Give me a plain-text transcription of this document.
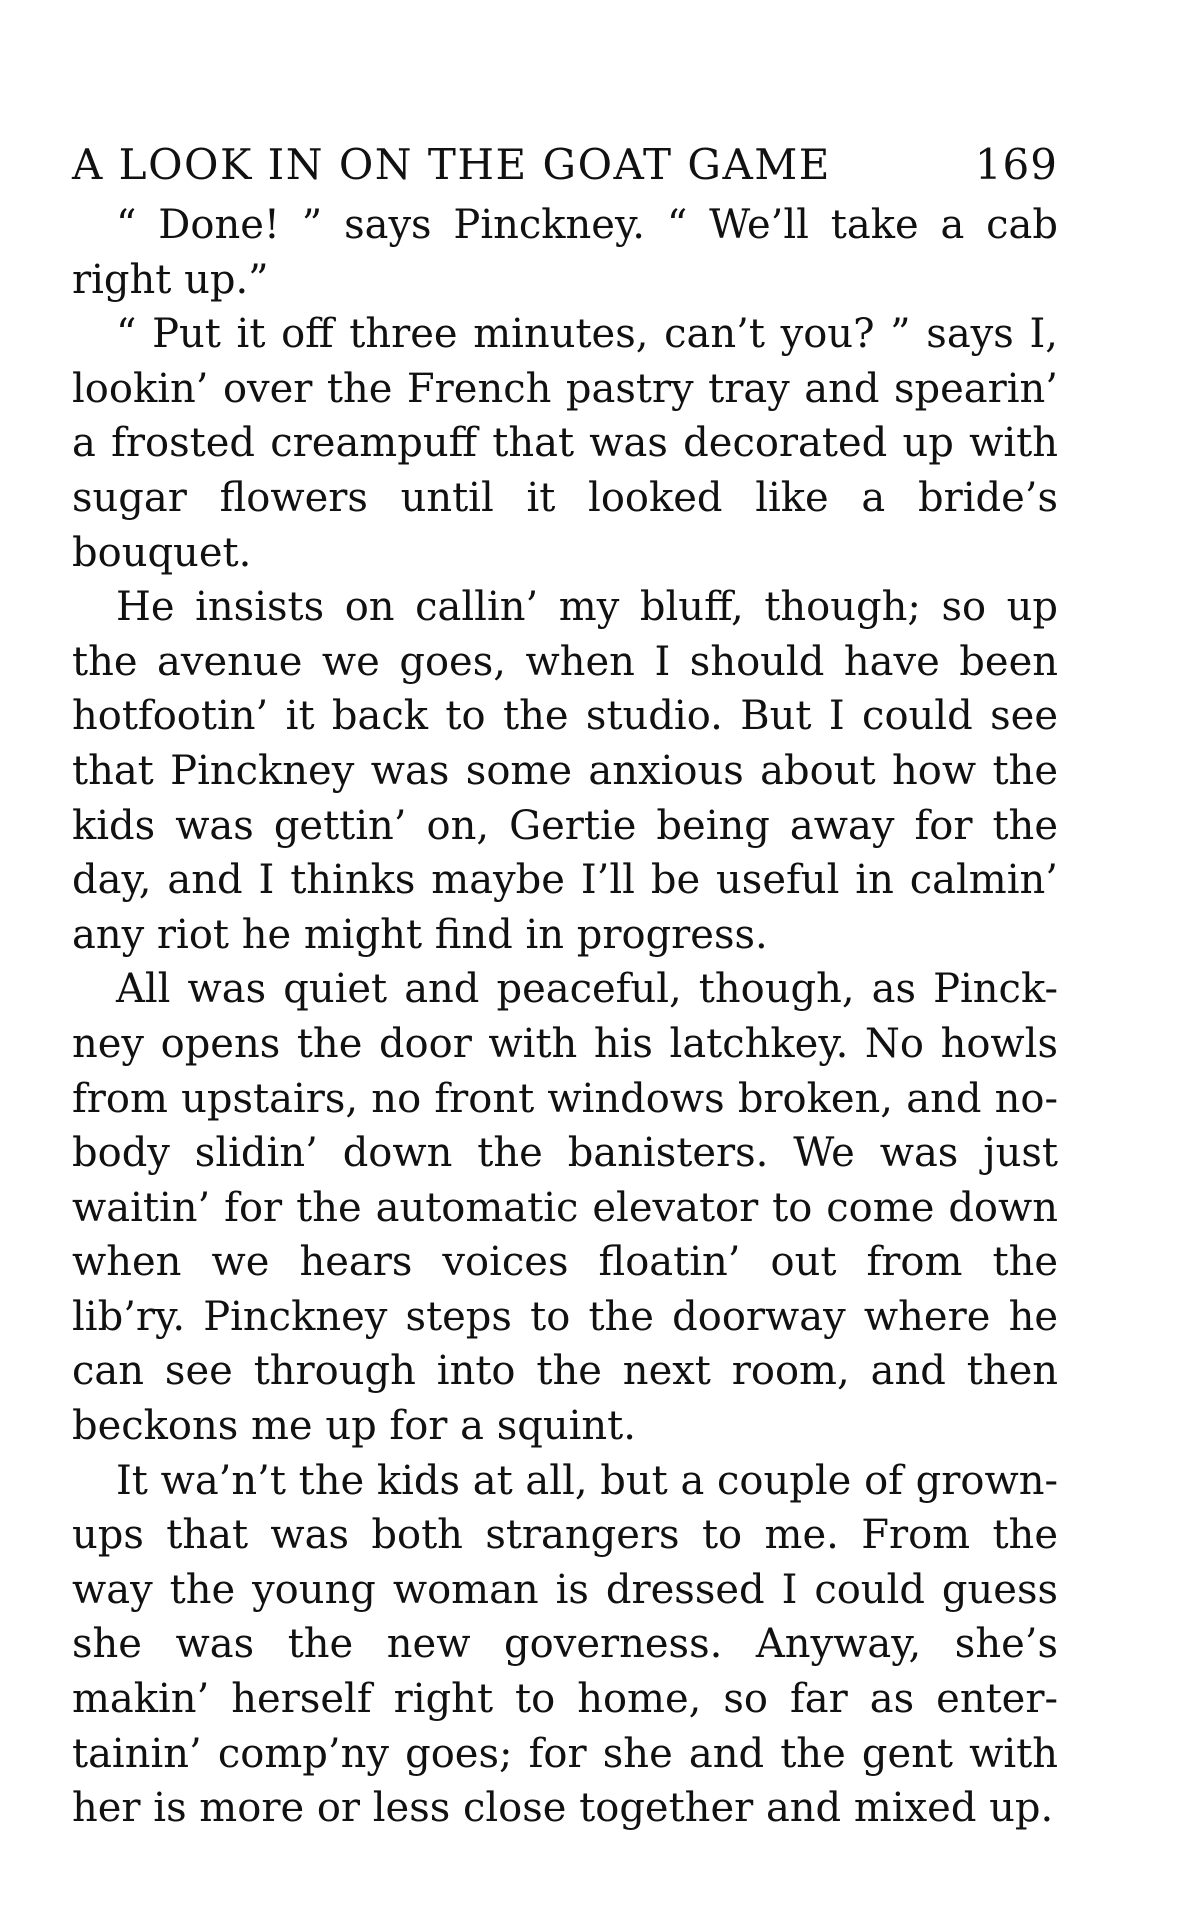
A LOOK IN ON THE GOAT GAME	169

“ Done! ” says Pinckney. “ We’ll take a cab right up.”

“ Put it off three minutes, can’t you? ” says I, lookin’ over the French pastry tray and spearin’ a frosted creampuff that was decorated up with sugar flowers until it looked like a bride’s bouquet.

He insists on callin’ my bluff, though; so up the avenue we goes, when I should have been hotfootin’ it back to the studio. But I could see that Pinckney was some anxious about how the kids was gettin’ on, Gertie being away for the day, and I thinks maybe I’ll be useful in calmin’ any riot he might find in progress.

All was quiet and peaceful, though, as Pinck-ney opens the door with his latchkey. No howls from upstairs, no front windows broken, and no-body slidin’ down the banisters. We was just waitin’ for the automatic elevator to come down when we hears voices floatin’ out from the lib’ry. Pinckney steps to the doorway where he can see through into the next room, and then beckons me up for a squint.

It wa’n’t the kids at all, but a couple of grown-ups that was both strangers to me. From the way the young woman is dressed I could guess she was the new governess. Anyway, she’s makin’ herself right to home, so far as enter-tainin’ comp’ny goes; for she and the gent with her is more or less close together and mixed up.
